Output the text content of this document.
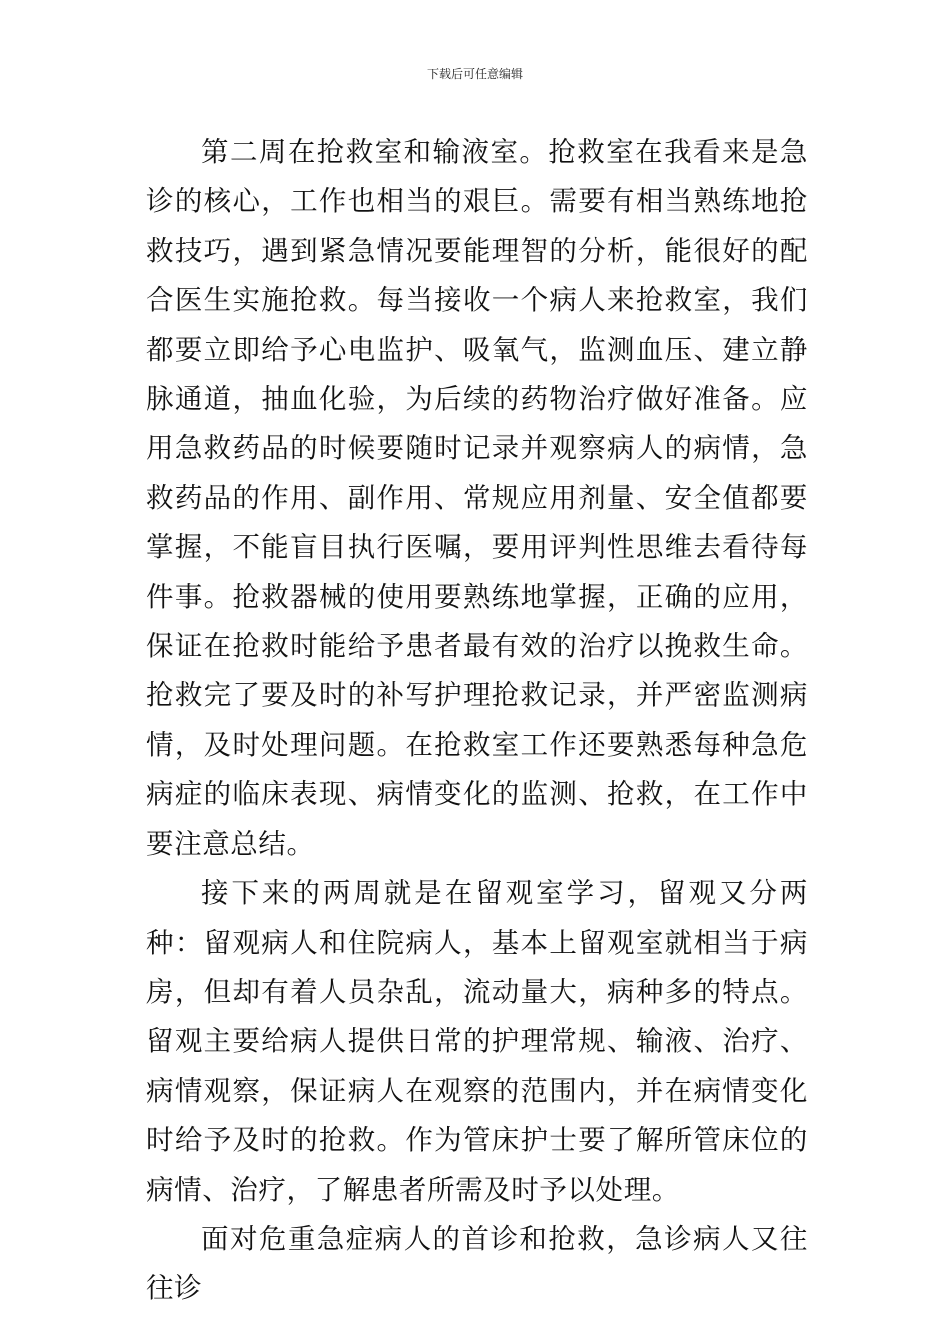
下载后可任意编辑

第二周在抢救室和输液室。抢救室在我看来是急诊的核心，工作也相当的艰巨。需要有相当熟练地抢救技巧，遇到紧急情况要能理智的分析，能很好的配合医生实施抢救。每当接收一个病人来抢救室，我们都要立即给予心电监护、吸氧气，监测血压、建立静脉通道，抽血化验，为后续的药物治疗做好准备。应用急救药品的时候要随时记录并观察病人的病情，急救药品的作用、副作用、常规应用剂量、安全值都要掌握，不能盲目执行医嘱，要用评判性思维去看待每件事。抢救器械的使用要熟练地掌握，正确的应用，保证在抢救时能给予患者最有效的治疗以挽救生命。抢救完了要及时的补写护理抢救记录，并严密监测病情，及时处理问题。在抢救室工作还要熟悉每种急危病症的临床表现、病情变化的监测、抢救，在工作中要注意总结。

接下来的两周就是在留观室学习，留观又分两种：留观病人和住院病人，基本上留观室就相当于病房，但却有着人员杂乱，流动量大，病种多的特点。留观主要给病人提供日常的护理常规、输液、治疗、病情观察，保证病人在观察的范围内，并在病情变化时给予及时的抢救。作为管床护士要了解所管床位的病情、治疗，了解患者所需及时予以处理。

面对危重急症病人的首诊和抢救，急诊病人又往往诊
